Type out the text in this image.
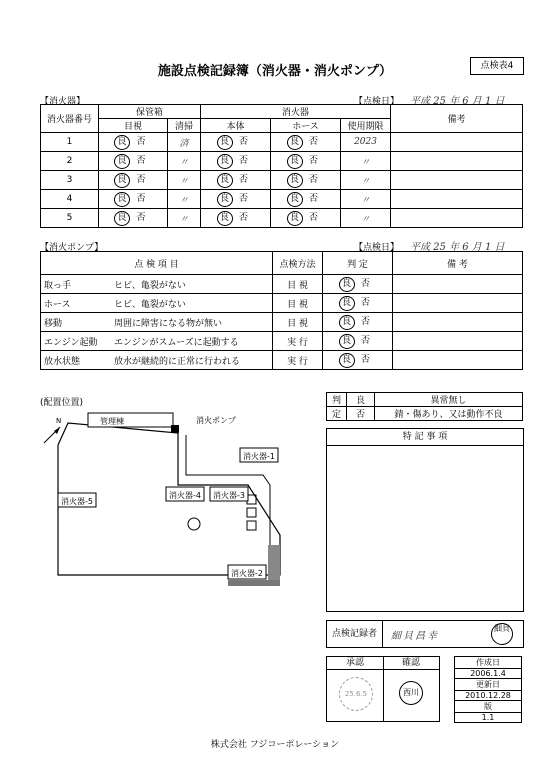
施設点検記録簿（消火器・消火ポンプ）	点検表4
【消火器】	【点検日】 平成 25 年 6 月 1 日
消火器番号	保管箱		消火器			備考
	目視	清掃	本体	ホース	使用期限	
1	良 否	済	良 否	良 否	2023	
2	良 否	〃	良 否	良 否	〃	
3	良 否	〃	良 否	良 否	〃	
4	良 否	〃	良 否	良 否	〃	
5	良 否	〃	良 否	良 否	〃	
【消火ポンプ】	【点検日】 平成 25 年 6 月 1 日
点 検 項 目	点検方法	判 定	備 考
取っ手 ヒビ、亀裂がない	目 視	良 否	
ホース ヒビ、亀裂がない	目 視	良 否	
移動 周囲に障害になる物が無い	目 視	良 否	
エンジン起動 エンジンがスムーズに起動する	実 行	良 否	
放水状態 放水が継続的に正常に行われる	実 行	良 否	
(配置位置)
N	管理棟	消火ポンプ
消火器-1
消火器-2
消火器-3
消火器-4
消火器-5
判	良	異常無し
定	否	錆・傷あり、又は動作不良
特 記 事 項
点検記録者	細貝昌幸
細貝
承認	確認
25.6.5	西川
作成日
2006.1.4
更新日
2010.12.28
版
1.1
株式会社 フジコーポレーション
